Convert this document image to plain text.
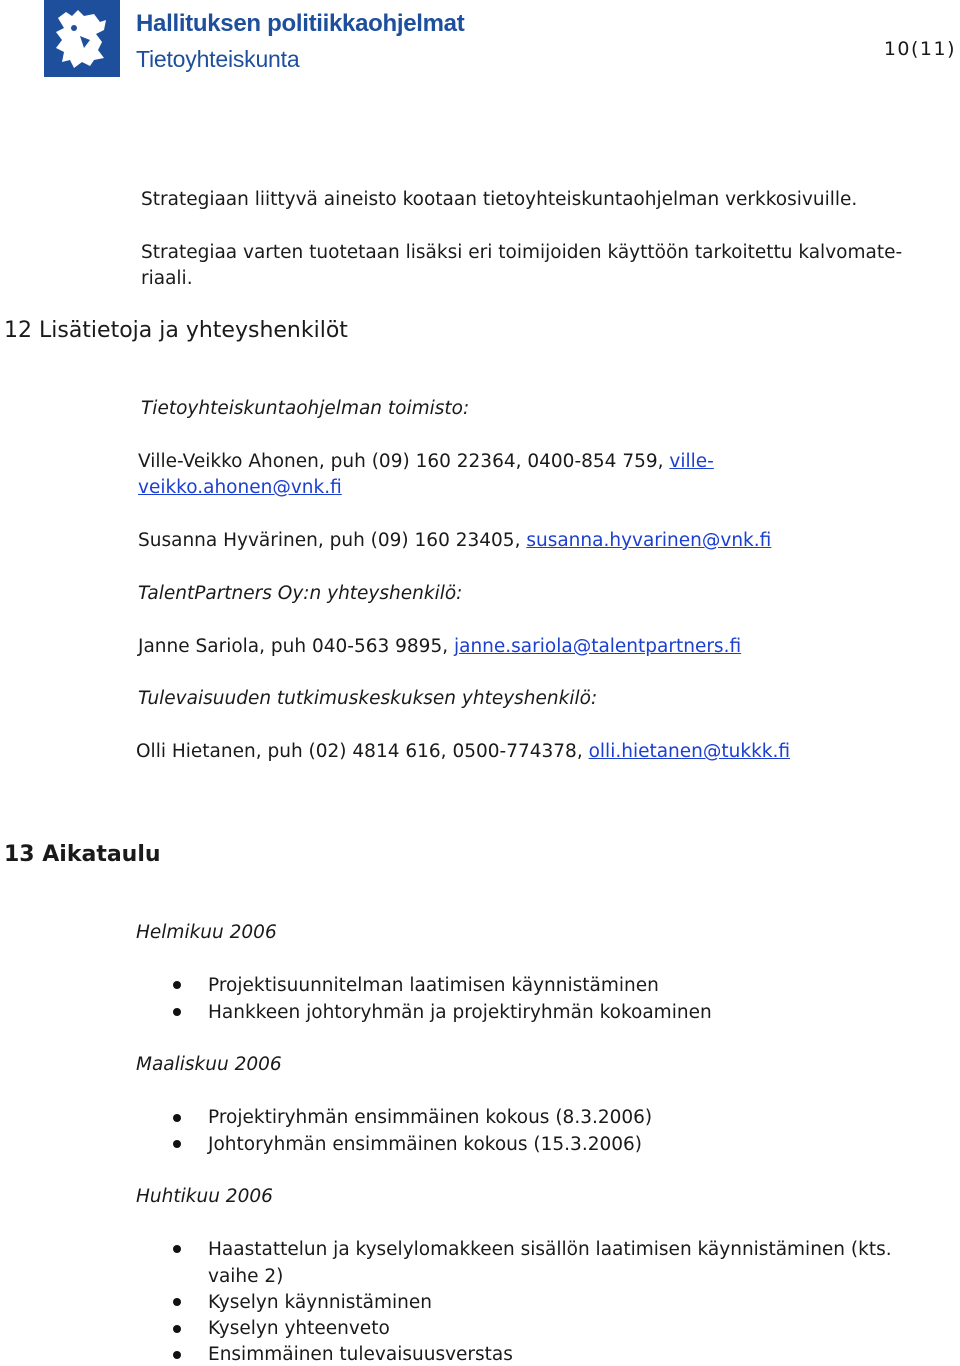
Hallituksen politiikkaohjelmat
Tietoyhteiskunta	10(11)
Strategiaan liittyvä aineisto kootaan tietoyhteiskuntaohjelman verkkosivuille.
Strategiaa varten tuotetaan lisäksi eri toimijoiden käyttöön tarkoitettu kalvomate-
riaali.
12 Lisätietoja ja yhteyshenkilöt
Tietoyhteiskuntaohjelman toimisto:
Ville-Veikko Ahonen, puh (09) 160 22364, 0400-854 759, ville-
veikko.ahonen@vnk.fi
Susanna Hyvärinen, puh (09) 160 23405, susanna.hyvarinen@vnk.fi
TalentPartners Oy:n yhteyshenkilö:
Janne Sariola, puh 040-563 9895, janne.sariola@talentpartners.fi
Tulevaisuuden tutkimuskeskuksen yhteyshenkilö:
Olli Hietanen, puh (02) 4814 616, 0500-774378, olli.hietanen@tukkk.fi
13 Aikataulu
Helmikuu 2006
Projektisuunnitelman laatimisen käynnistäminen
Hankkeen johtoryhmän ja projektiryhmän kokoaminen
Maaliskuu 2006
Projektiryhmän ensimmäinen kokous (8.3.2006)
Johtoryhmän ensimmäinen kokous (15.3.2006)
Huhtikuu 2006
Haastattelun ja kyselylomakkeen sisällön laatimisen käynnistäminen (kts.
vaihe 2)
Kyselyn käynnistäminen
Kyselyn yhteenveto
Ensimmäinen tulevaisuusverstas
